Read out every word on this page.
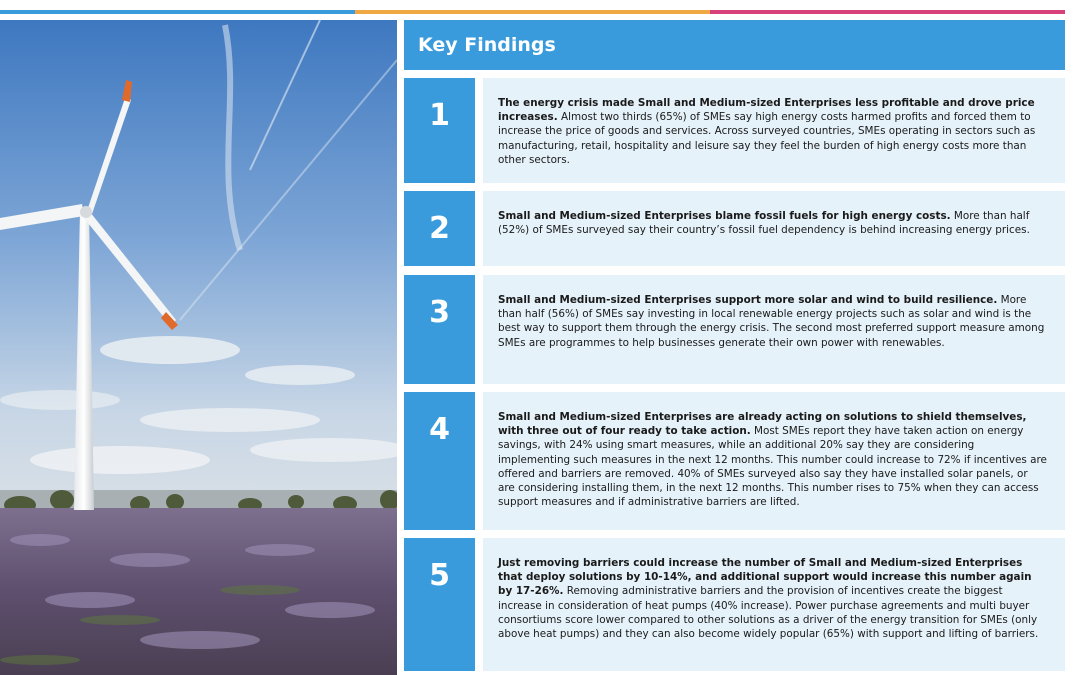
Key Findings
1	The energy crisis made Small and Medium-sized Enterprises less profitable and drove price increases. Almost two thirds (65%) of SMEs say high energy costs harmed profits and forced them to increase the price of goods and services. Across surveyed countries, SMEs operating in sectors such as manufacturing, retail, hospitality and leisure say they feel the burden of high energy costs more than other sectors.
2	Small and Medium-sized Enterprises blame fossil fuels for high energy costs. More than half (52%) of SMEs surveyed say their country’s fossil fuel dependency is behind increasing energy prices.
3	Small and Medium-sized Enterprises support more solar and wind to build resilience. More than half (56%) of SMEs say investing in local renewable energy projects such as solar and wind is the best way to support them through the energy crisis. The second most preferred support measure among SMEs are programmes to help businesses generate their own power with renewables.
4	Small and Medium-sized Enterprises are already acting on solutions to shield themselves, with three out of four ready to take action. Most SMEs report they have taken action on energy savings, with 24% using smart measures, while an additional 20% say they are considering implementing such measures in the next 12 months. This number could increase to 72% if incentives are offered and barriers are removed. 40% of SMEs surveyed also say they have installed solar panels, or are considering installing them, in the next 12 months. This number rises to 75% when they can access support measures and if administrative barriers are lifted.
5	Just removing barriers could increase the number of Small and Medium-sized Enterprises that deploy solutions by 10-14%, and additional support would increase this number again by 17-26%. Removing administrative barriers and the provision of incentives create the biggest increase in consideration of heat pumps (40% increase). Power purchase agreements and multi buyer consortiums score lower compared to other solutions as a driver of the energy transition for SMEs (only above heat pumps) and they can also become widely popular (65%) with support and lifting of barriers.
